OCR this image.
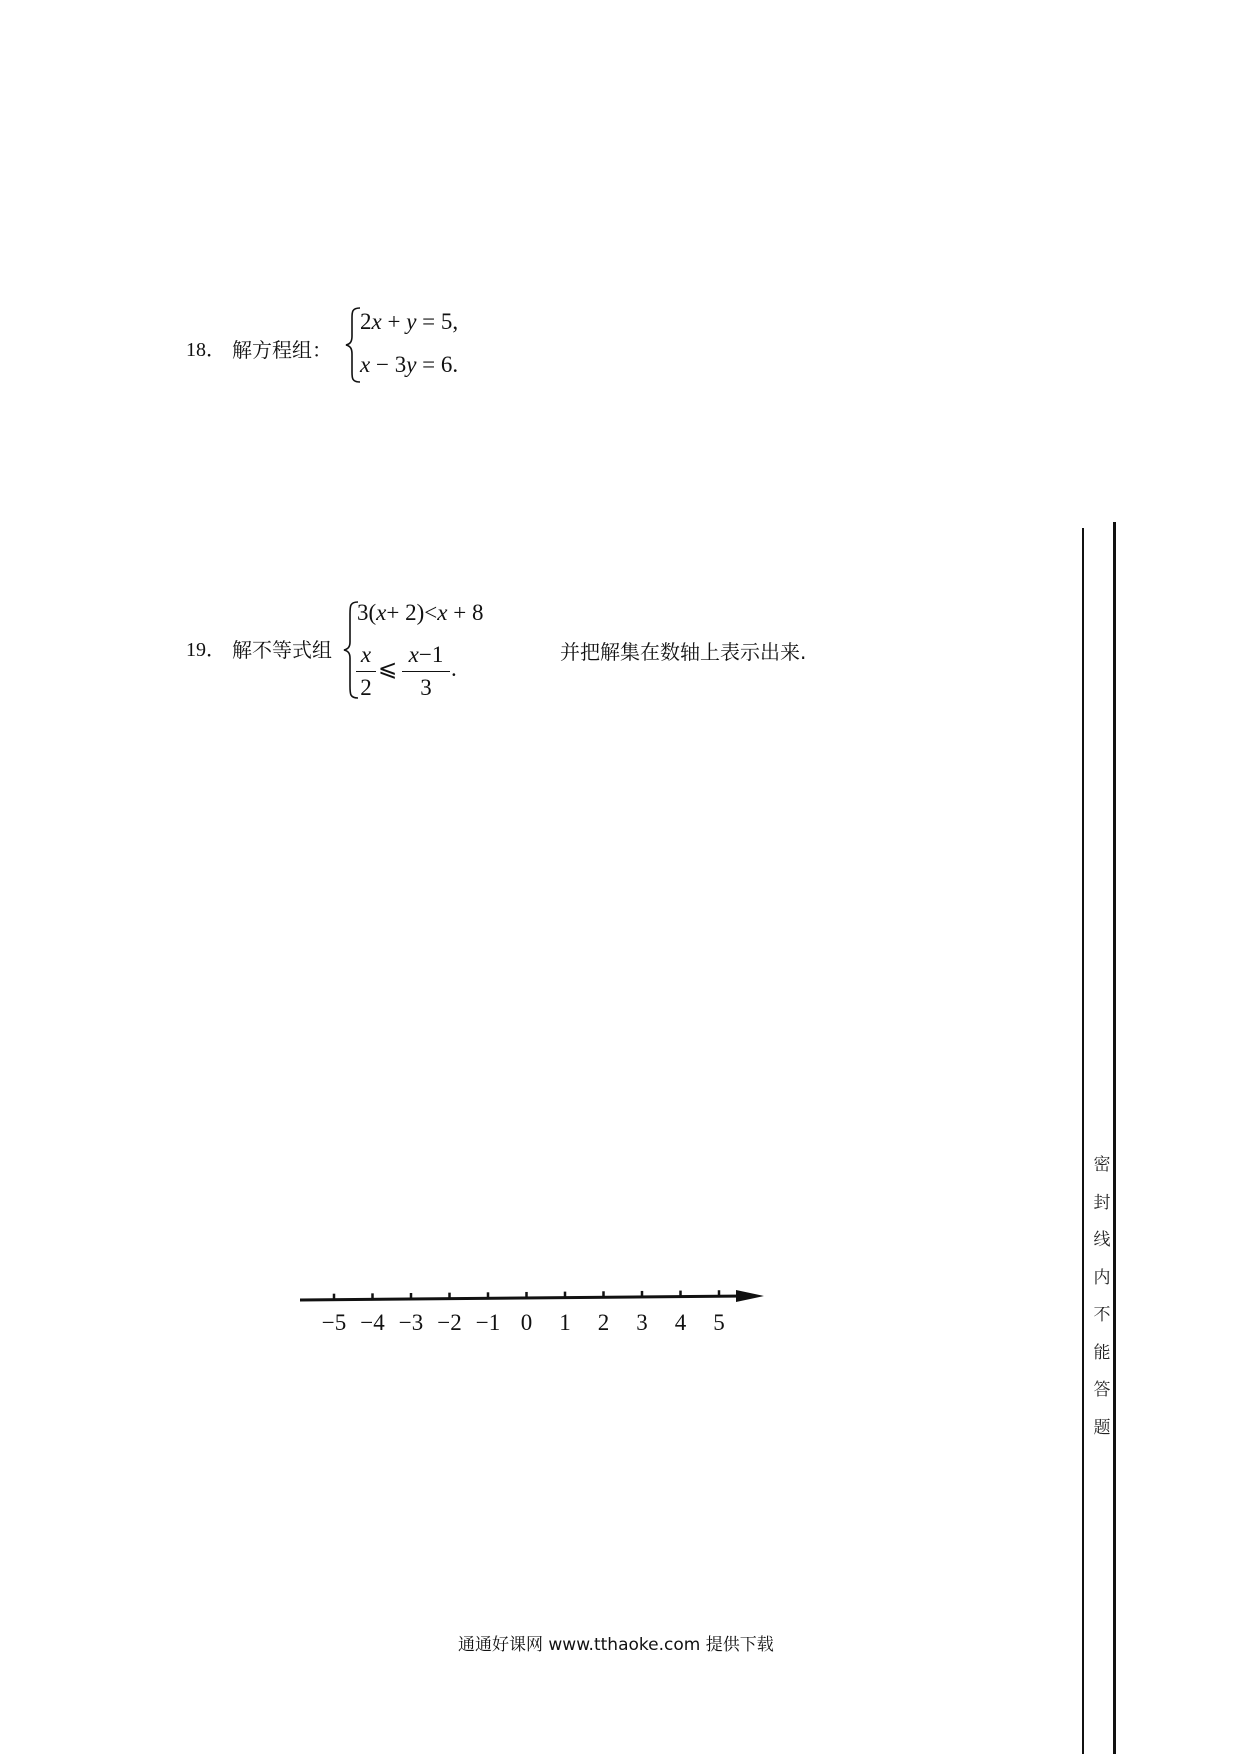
18． 解方程组：
2x + y = 5,
x − 3y = 6.
19． 解不等式组
3(x+ 2)<x + 8
x
2
⩽
x−1
3
.
并把解集在数轴上表示出来.
−5 −4 −3 −2 −1 0 1 2 3 4 5
密
封
线
内
不
能
答
题
通通好课网 www.tthaoke.com 提供下载
